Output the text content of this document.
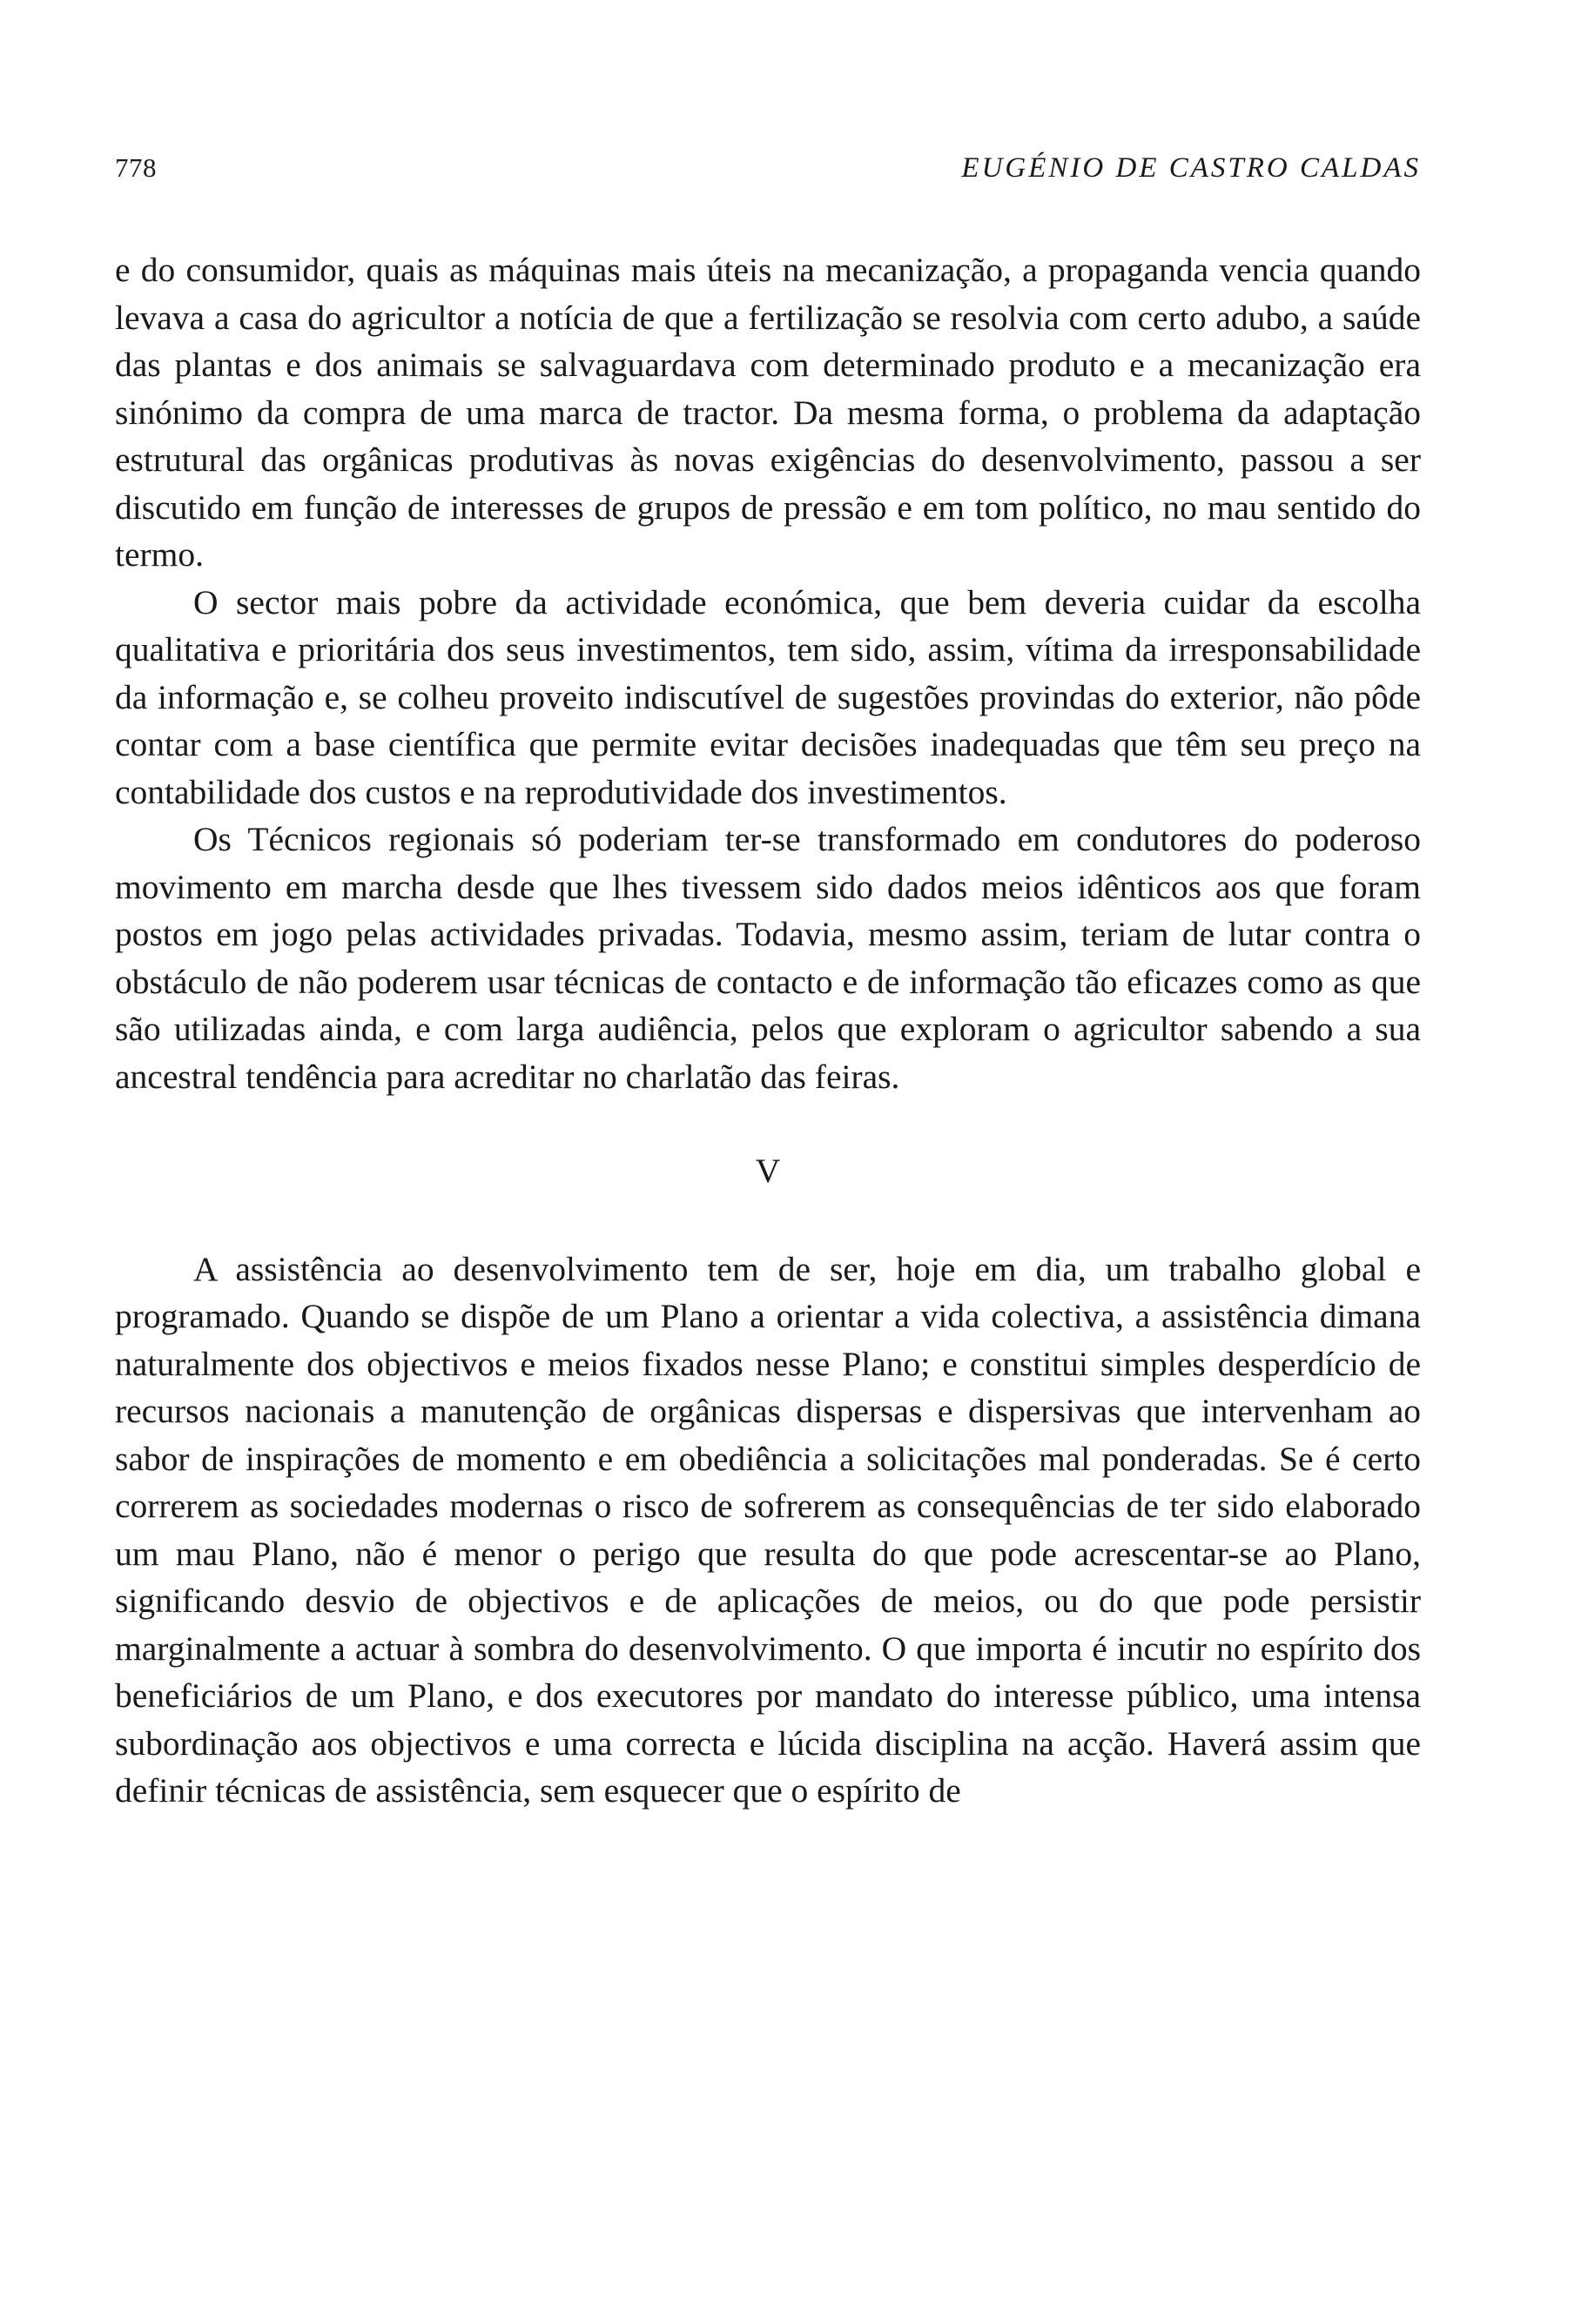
778	EUGÉNIO DE CASTRO CALDAS

e do consumidor, quais as máquinas mais úteis na mecanização, a propaganda vencia quando levava a casa do agricultor a notícia de que a fertilização se resolvia com certo adubo, a saúde das plantas e dos animais se salvaguardava com determinado produto e a mecanização era sinónimo da compra de uma marca de tractor. Da mesma forma, o problema da adaptação estrutural das orgânicas produtivas às novas exigências do desenvolvimento, passou a ser discutido em função de interesses de grupos de pressão e em tom político, no mau sentido do termo.

O sector mais pobre da actividade económica, que bem deveria cuidar da escolha qualitativa e prioritária dos seus investimentos, tem sido, assim, vítima da irresponsabilidade da informação e, se colheu proveito indiscutível de sugestões provindas do exterior, não pôde contar com a base científica que permite evitar decisões inadequadas que têm seu preço na contabilidade dos custos e na reprodutividade dos investimentos.

Os Técnicos regionais só poderiam ter-se transformado em condutores do poderoso movimento em marcha desde que lhes tivessem sido dados meios idênticos aos que foram postos em jogo pelas actividades privadas. Todavia, mesmo assim, teriam de lutar contra o obstáculo de não poderem usar técnicas de contacto e de informação tão eficazes como as que são utilizadas ainda, e com larga audiência, pelos que exploram o agricultor sabendo a sua ancestral tendência para acreditar no charlatão das feiras.

V

A assistência ao desenvolvimento tem de ser, hoje em dia, um trabalho global e programado. Quando se dispõe de um Plano a orientar a vida colectiva, a assistência dimana naturalmente dos objectivos e meios fixados nesse Plano; e constitui simples desperdício de recursos nacionais a manutenção de orgânicas dispersas e dispersivas que intervenham ao sabor de inspirações de momento e em obediência a solicitações mal ponderadas. Se é certo correrem as sociedades modernas o risco de sofrerem as consequências de ter sido elaborado um mau Plano, não é menor o perigo que resulta do que pode acrescentar-se ao Plano, significando desvio de objectivos e de aplicações de meios, ou do que pode persistir marginalmente a actuar à sombra do desenvolvimento. O que importa é incutir no espírito dos beneficiários de um Plano, e dos executores por mandato do interesse público, uma intensa subordinação aos objectivos e uma correcta e lúcida disciplina na acção. Haverá assim que definir técnicas de assistência, sem esquecer que o espírito de
